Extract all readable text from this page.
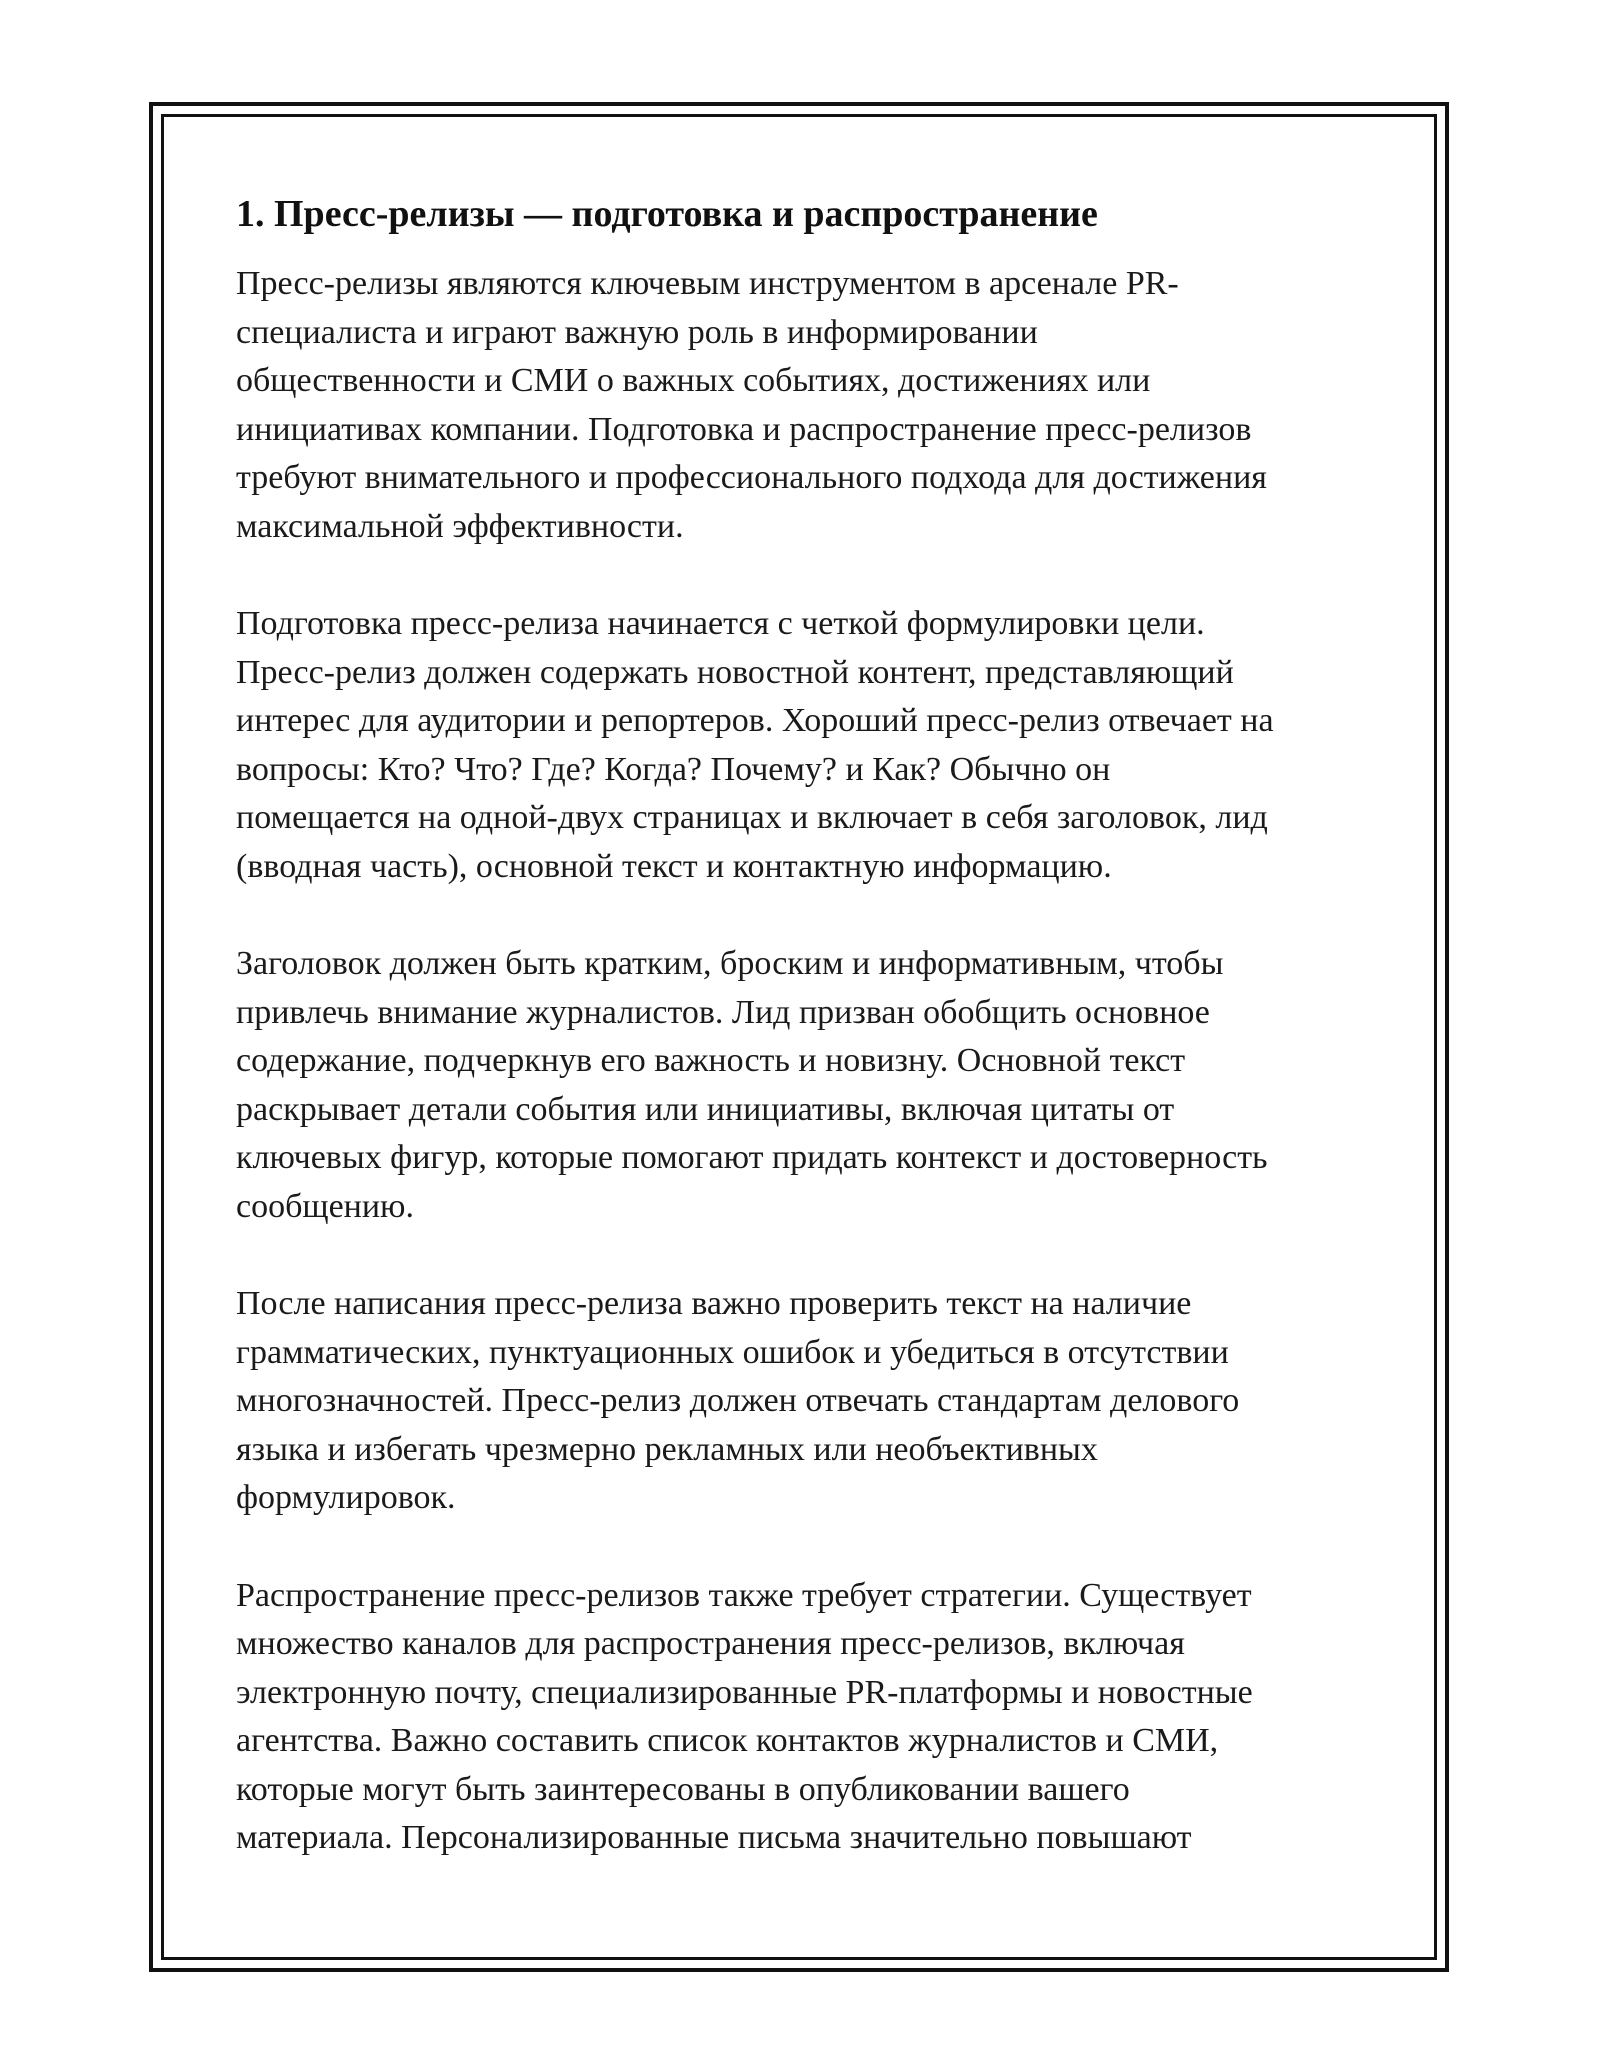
1. Пресс-релизы — подготовка и распространение

Пресс-релизы являются ключевым инструментом в арсенале PR-
специалиста и играют важную роль в информировании
общественности и СМИ о важных событиях, достижениях или
инициативах компании. Подготовка и распространение пресс-релизов
требуют внимательного и профессионального подхода для достижения
максимальной эффективности.

Подготовка пресс-релиза начинается с четкой формулировки цели.
Пресс-релиз должен содержать новостной контент, представляющий
интерес для аудитории и репортеров. Хороший пресс-релиз отвечает на
вопросы: Кто? Что? Где? Когда? Почему? и Как? Обычно он
помещается на одной-двух страницах и включает в себя заголовок, лид
(вводная часть), основной текст и контактную информацию.

Заголовок должен быть кратким, броским и информативным, чтобы
привлечь внимание журналистов. Лид призван обобщить основное
содержание, подчеркнув его важность и новизну. Основной текст
раскрывает детали события или инициативы, включая цитаты от
ключевых фигур, которые помогают придать контекст и достоверность
сообщению.

После написания пресс-релиза важно проверить текст на наличие
грамматических, пунктуационных ошибок и убедиться в отсутствии
многозначностей. Пресс-релиз должен отвечать стандартам делового
языка и избегать чрезмерно рекламных или необъективных
формулировок.

Распространение пресс-релизов также требует стратегии. Существует
множество каналов для распространения пресс-релизов, включая
электронную почту, специализированные PR-платформы и новостные
агентства. Важно составить список контактов журналистов и СМИ,
которые могут быть заинтересованы в опубликовании вашего
материала. Персонализированные письма значительно повышают
